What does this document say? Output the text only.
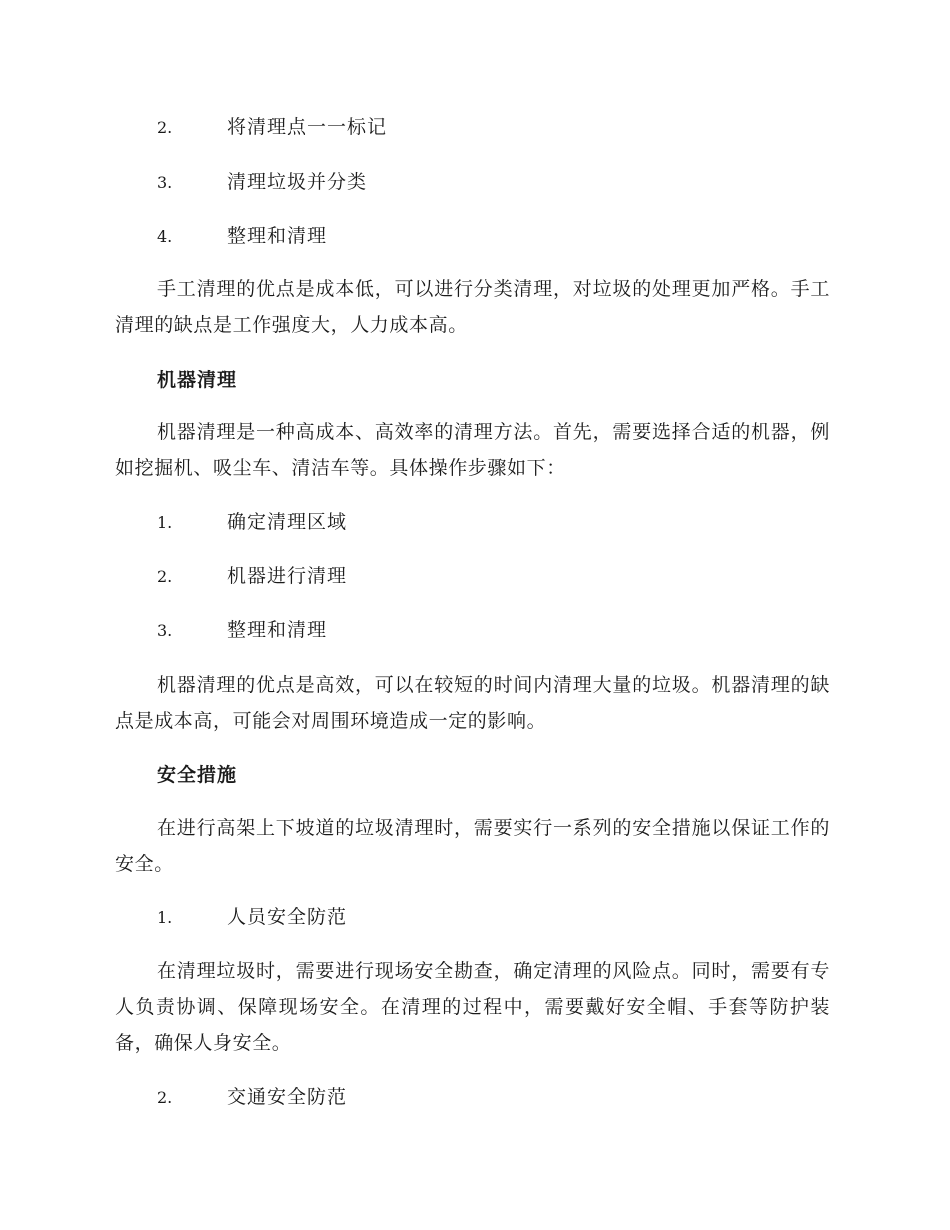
2.	将清理点一一标记
3.	清理垃圾并分类
4.	整理和清理
手工清理的优点是成本低，可以进行分类清理，对垃圾的处理更加严格。手工清理的缺点是工作强度大，人力成本高。
机器清理
机器清理是一种高成本、高效率的清理方法。首先，需要选择合适的机器，例如挖掘机、吸尘车、清洁车等。具体操作步骤如下：
1.	确定清理区域
2.	机器进行清理
3.	整理和清理
机器清理的优点是高效，可以在较短的时间内清理大量的垃圾。机器清理的缺点是成本高，可能会对周围环境造成一定的影响。
安全措施
在进行高架上下坡道的垃圾清理时，需要实行一系列的安全措施以保证工作的安全。
1.	人员安全防范
在清理垃圾时，需要进行现场安全勘查，确定清理的风险点。同时，需要有专人负责协调、保障现场安全。在清理的过程中，需要戴好安全帽、手套等防护装备，确保人身安全。
2.	交通安全防范
